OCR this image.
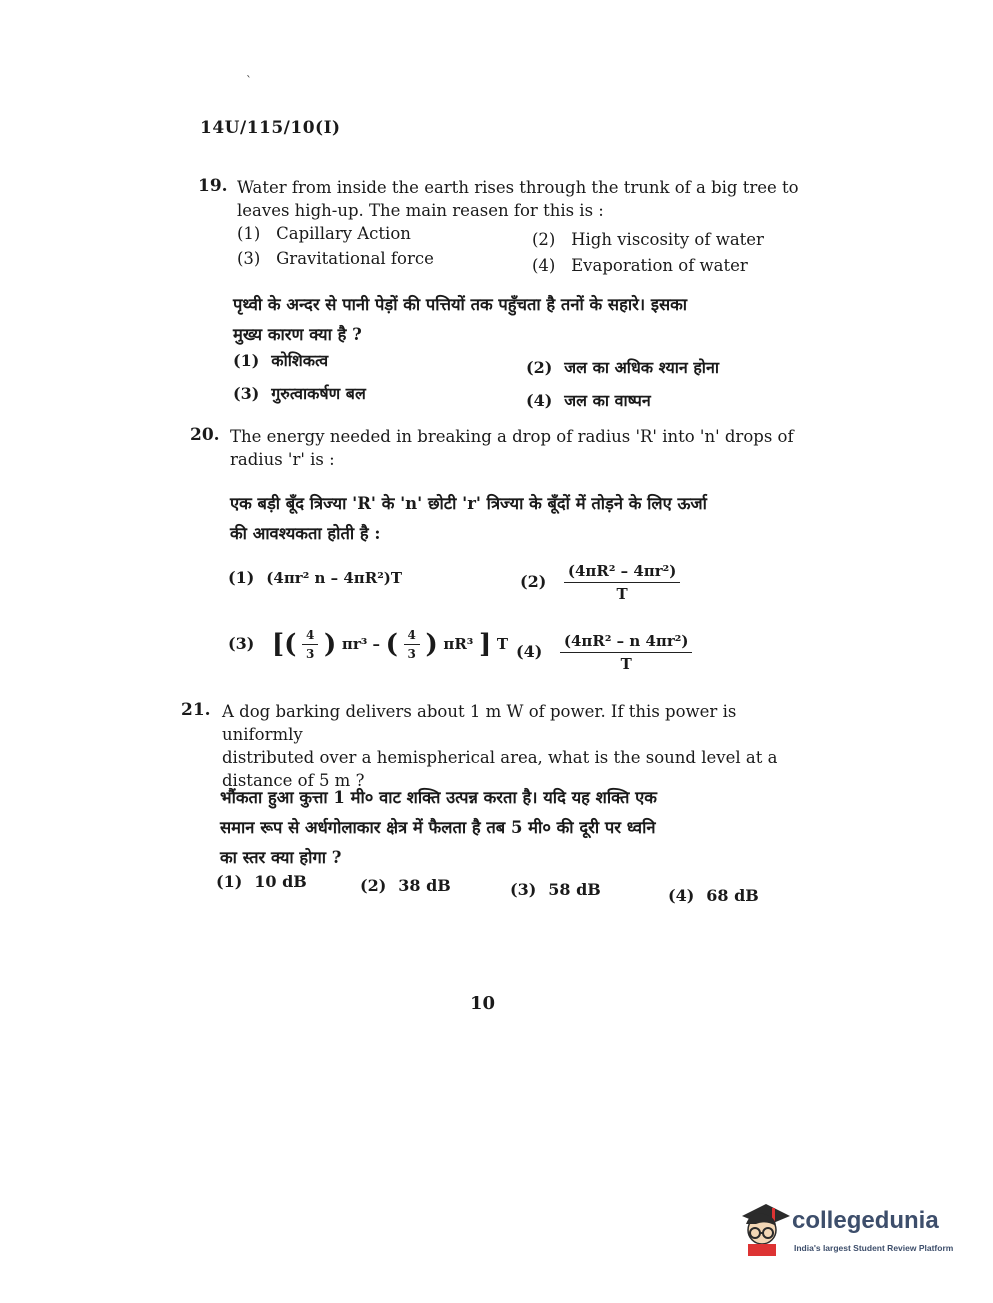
`
14U/115/10(I)
19. Water from inside the earth rises through the trunk of a big tree to
leaves high-up. The main reasen for this is :
(1) Capillary Action	(2) High viscosity of water
(3) Gravitational force	(4) Evaporation of water
पृथ्वी के अन्दर से पानी पेड़ों की पत्तियों तक पहुँचता है तनों के सहारे। इसका
मुख्य कारण क्या है ?
(1) कोशिकत्व	(2) जल का अधिक श्यान होना
(3) गुरुत्वाकर्षण बल	(4) जल का वाष्पन
20. The energy needed in breaking a drop of radius 'R' into 'n' drops of
radius 'r' is :
एक बड़ी बूँद त्रिज्या 'R' के 'n' छोटी 'r' त्रिज्या के बूँदों में तोड़ने के लिए ऊर्जा
की आवश्यकता होती है :
(1) (4πr² n – 4πR²)T	$(2) \frac{\text{(4πR² – 4πr²)}}{T}$
(3) [( $\frac{4}{3}$ ) πr³ – ( $\frac{4}{3}$ ) πR³ ] T $(4) \frac{\text{(4πR² – n 4πr²)}}{T}$
21. A dog barking delivers about 1 m W of power. If this power is uniformly
distributed over a hemispherical area, what is the sound level at a
distance of 5 m ?
भौंकता हुआ कुत्ता 1 मी० वाट शक्ति उत्पन्न करता है। यदि यह शक्ति एक
समान रूप से अर्धगोलाकार क्षेत्र में फैलता है तब 5 मी० की दूरी पर ध्वनि
का स्तर क्या होगा ?
(1) 10 dB	(2) 38 dB	(3) 58 dB	(4) 68 dB
10
collegedunia
India's largest Student Review Platform
